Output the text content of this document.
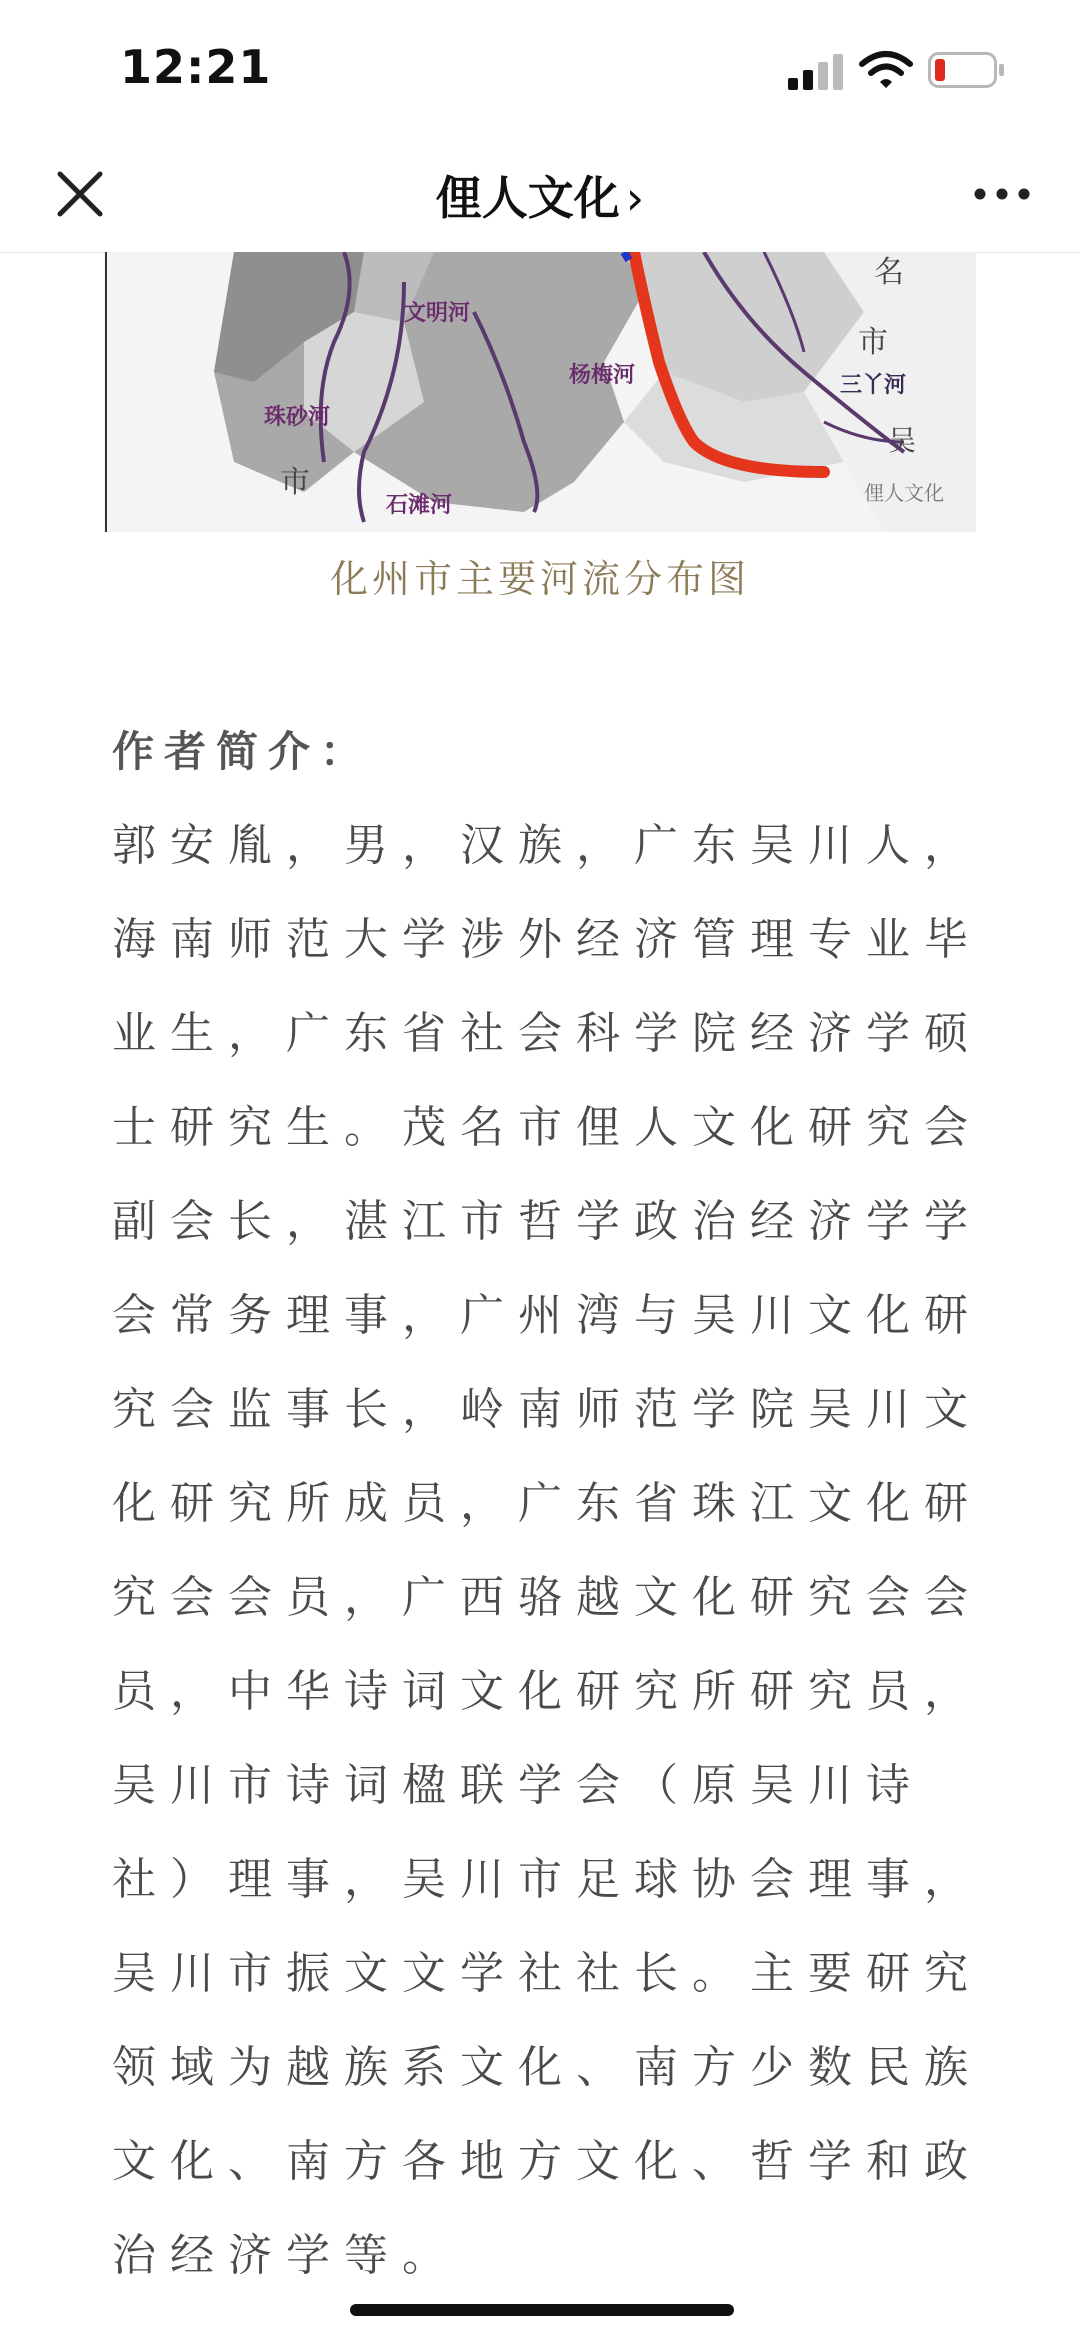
12:21
俚人文化 ›
文明河
杨梅河
珠砂河
石滩河
三丫河
市
市
名
吴
俚人文化
化州市主要河流分布图
作者简介：
郭安胤，男，汉族，广东吴川人，
海南师范大学涉外经济管理专业毕
业生，广东省社会科学院经济学硕
士研究生。茂名市俚人文化研究会
副会长，湛江市哲学政治经济学学
会常务理事，广州湾与吴川文化研
究会监事长，岭南师范学院吴川文
化研究所成员，广东省珠江文化研
究会会员，广西骆越文化研究会会
员，中华诗词文化研究所研究员，
吴川市诗词楹联学会（原吴川诗
社）理事，吴川市足球协会理事，
吴川市振文文学社社长。主要研究
领域为越族系文化、南方少数民族
文化、南方各地方文化、哲学和政
治经济学等。
